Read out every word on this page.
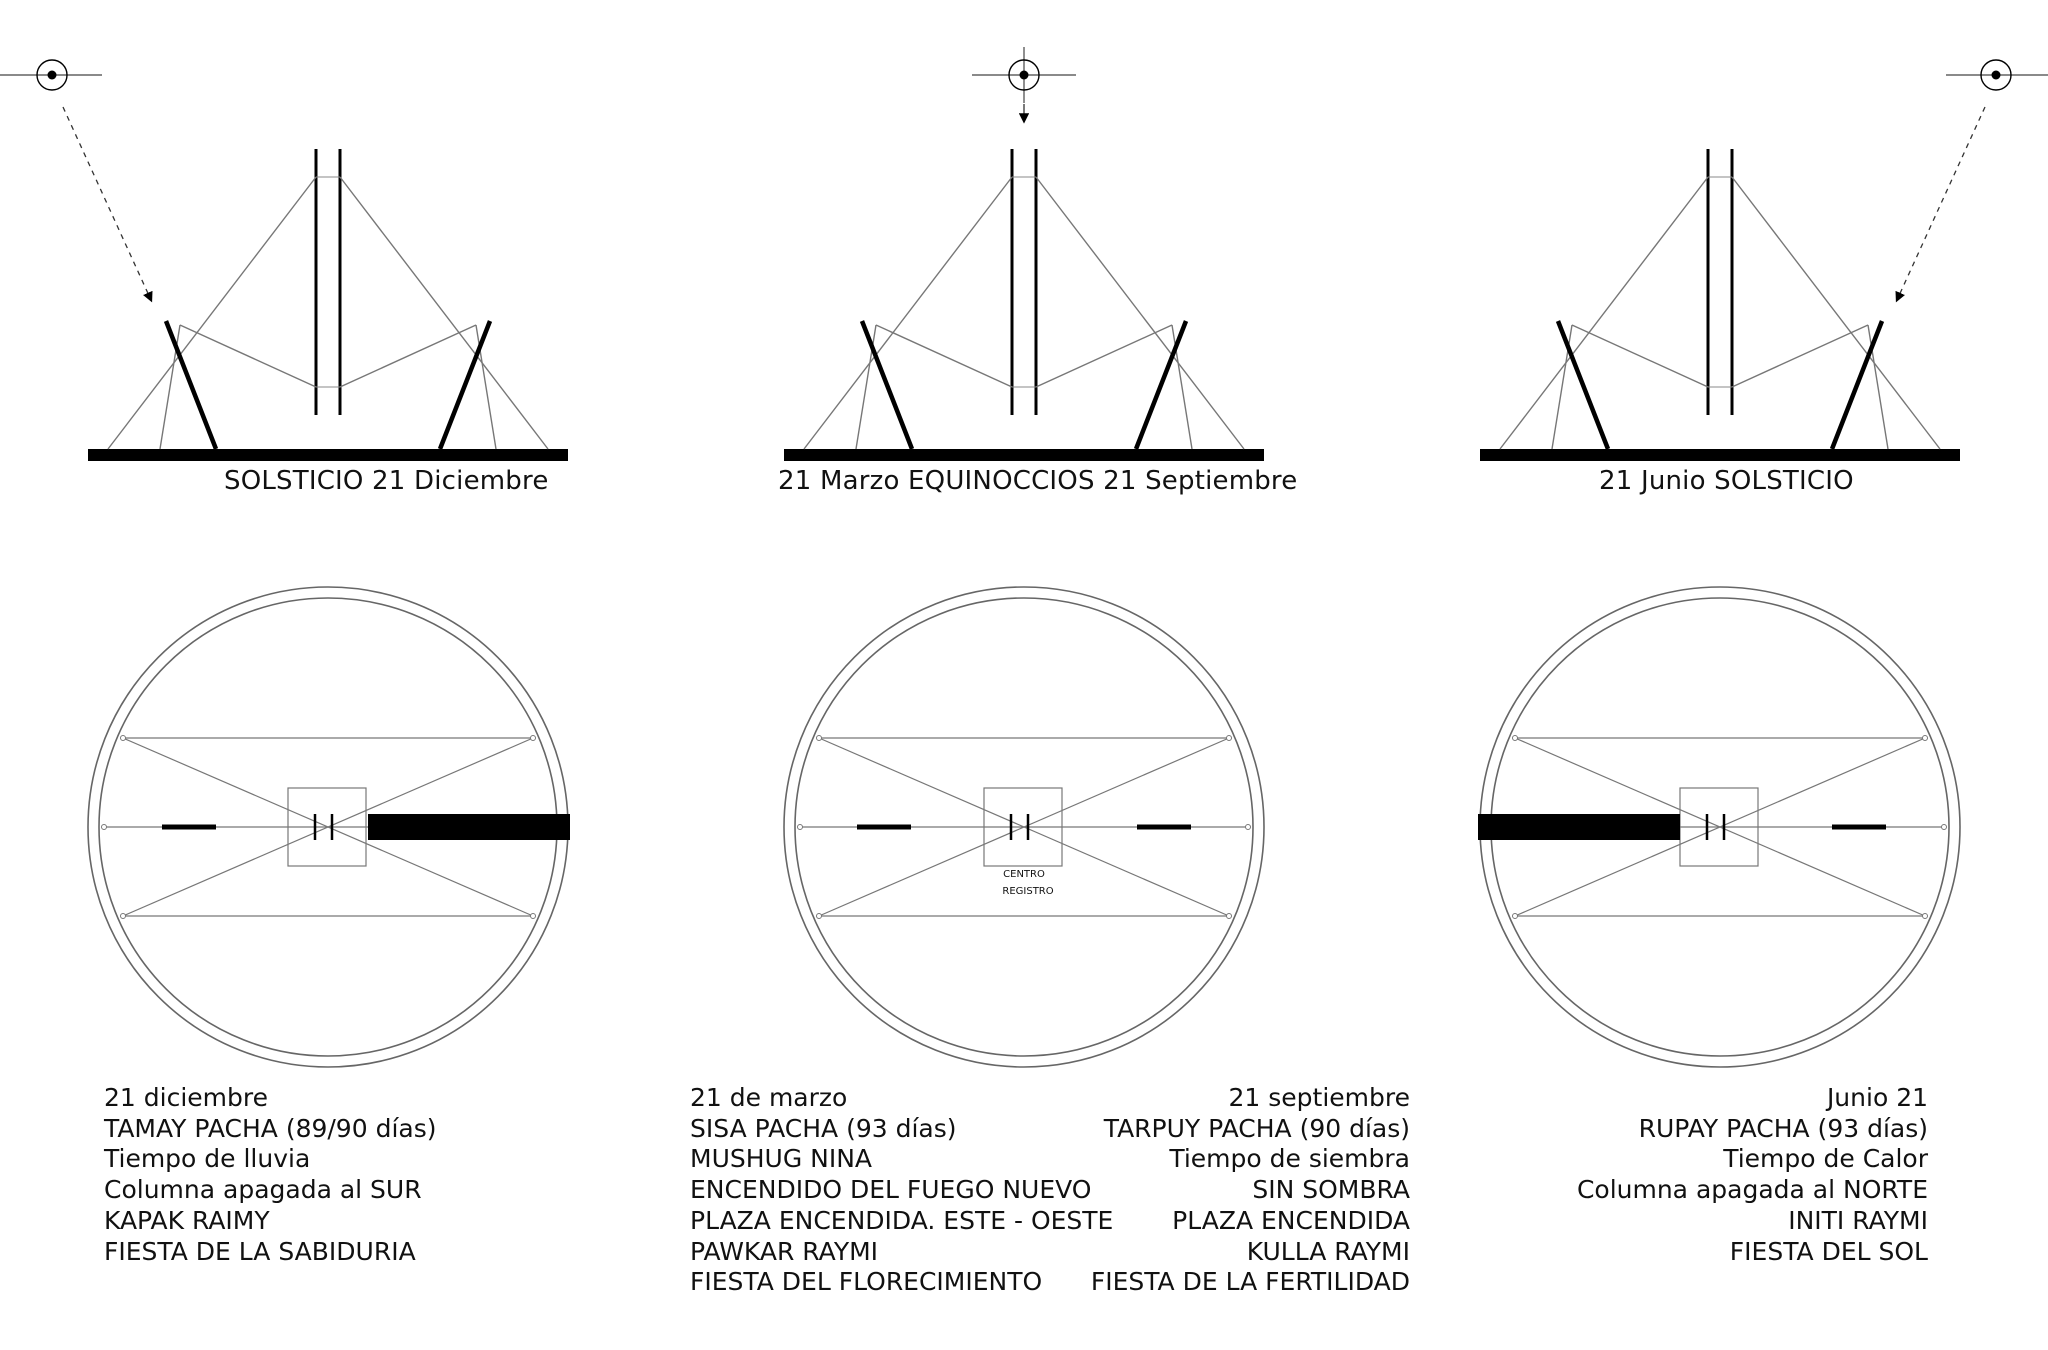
CENTRO
REGISTRO
SOLSTICIO 21 Diciembre	21 Marzo EQUINOCCIOS 21 Septiembre	21 Junio SOLSTICIO
21 diciembre
TAMAY PACHA (89/90 días)
Tiempo de lluvia
Columna apagada al SUR
KAPAK RAIMY
FIESTA DE LA SABIDURIA
21 de marzo
SISA PACHA (93 días)
MUSHUG NINA
ENCENDIDO DEL FUEGO NUEVO
PLAZA ENCENDIDA. ESTE - OESTE
PAWKAR RAYMI
FIESTA DEL FLORECIMIENTO
21 septiembre
TARPUY PACHA (90 días)
Tiempo de siembra
SIN SOMBRA
PLAZA ENCENDIDA
KULLA RAYMI
FIESTA DE LA FERTILIDAD
Junio 21
RUPAY PACHA (93 días)
Tiempo de Calor
Columna apagada al NORTE
INITI RAYMI
FIESTA DEL SOL
